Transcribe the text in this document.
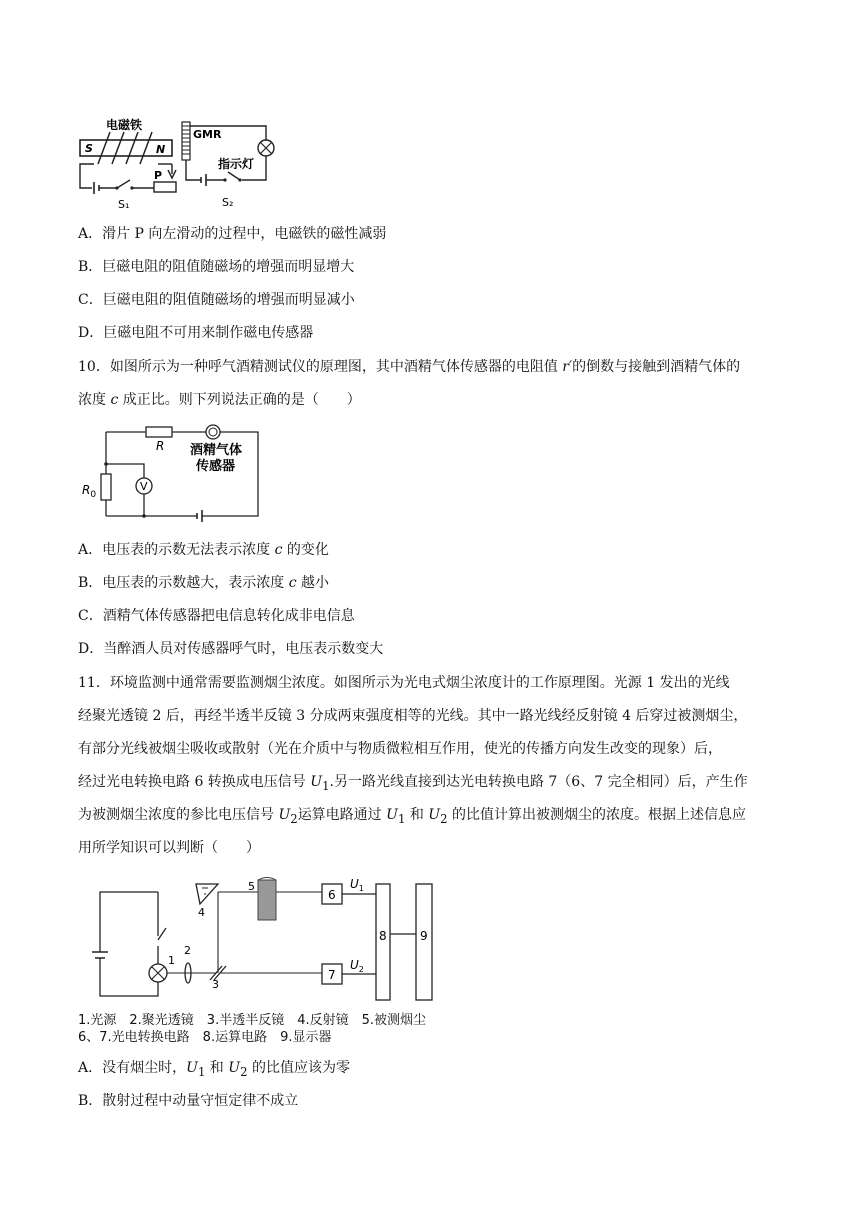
S	N
电磁铁
S₁
P
GMR
指示灯
S₂
A．滑片 P 向左滑动的过程中，电磁铁的磁性减弱
B．巨磁电阻的阻值随磁场的增强而明显增大
C．巨磁电阻的阻值随磁场的增强而明显减小
D．巨磁电阻不可用来制作磁电传感器
10．如图所示为一种呼气酒精测试仪的原理图，其中酒精气体传感器的电阻值 r′的倒数与接触到酒精气体的
浓度 c 成正比。则下列说法正确的是（　　）
R 酒精气体
传感器
$R_0$
V
A．电压表的示数无法表示浓度 c 的变化
B．电压表的示数越大，表示浓度 c 越小
C．酒精气体传感器把电信息转化成非电信息
D．当醉酒人员对传感器呼气时，电压表示数变大
11．环境监测中通常需要监测烟尘浓度。如图所示为光电式烟尘浓度计的工作原理图。光源 1 发出的光线
经聚光透镜 2 后，再经半透半反镜 3 分成两束强度相等的光线。其中一路光线经反射镜 4 后穿过被测烟尘，
有部分光线被烟尘吸收或散射（光在介质中与物质微粒相互作用，使光的传播方向发生改变的现象）后，
经过光电转换电路 6 转换成电压信号 $U_1$.另一路光线直接到达光电转换电路 7（6、7 完全相同）后，产生作
为被测烟尘浓度的参比电压信号 $U_2$运算电路通过 $U_1$ 和 $U_2$ 的比值计算出被测烟尘的浓度。根据上述信息应
用所学知识可以判断（　　）
1
2
3
4
5
6
$U_1$
7
$U_2$
8	9
1.光源　2.聚光透镜　3.半透半反镜　4.反射镜　5.被测烟尘
6、7.光电转换电路　8.运算电路　9.显示器
A．没有烟尘时，$U_1$ 和 $U_2$ 的比值应该为零
B．散射过程中动量守恒定律不成立
